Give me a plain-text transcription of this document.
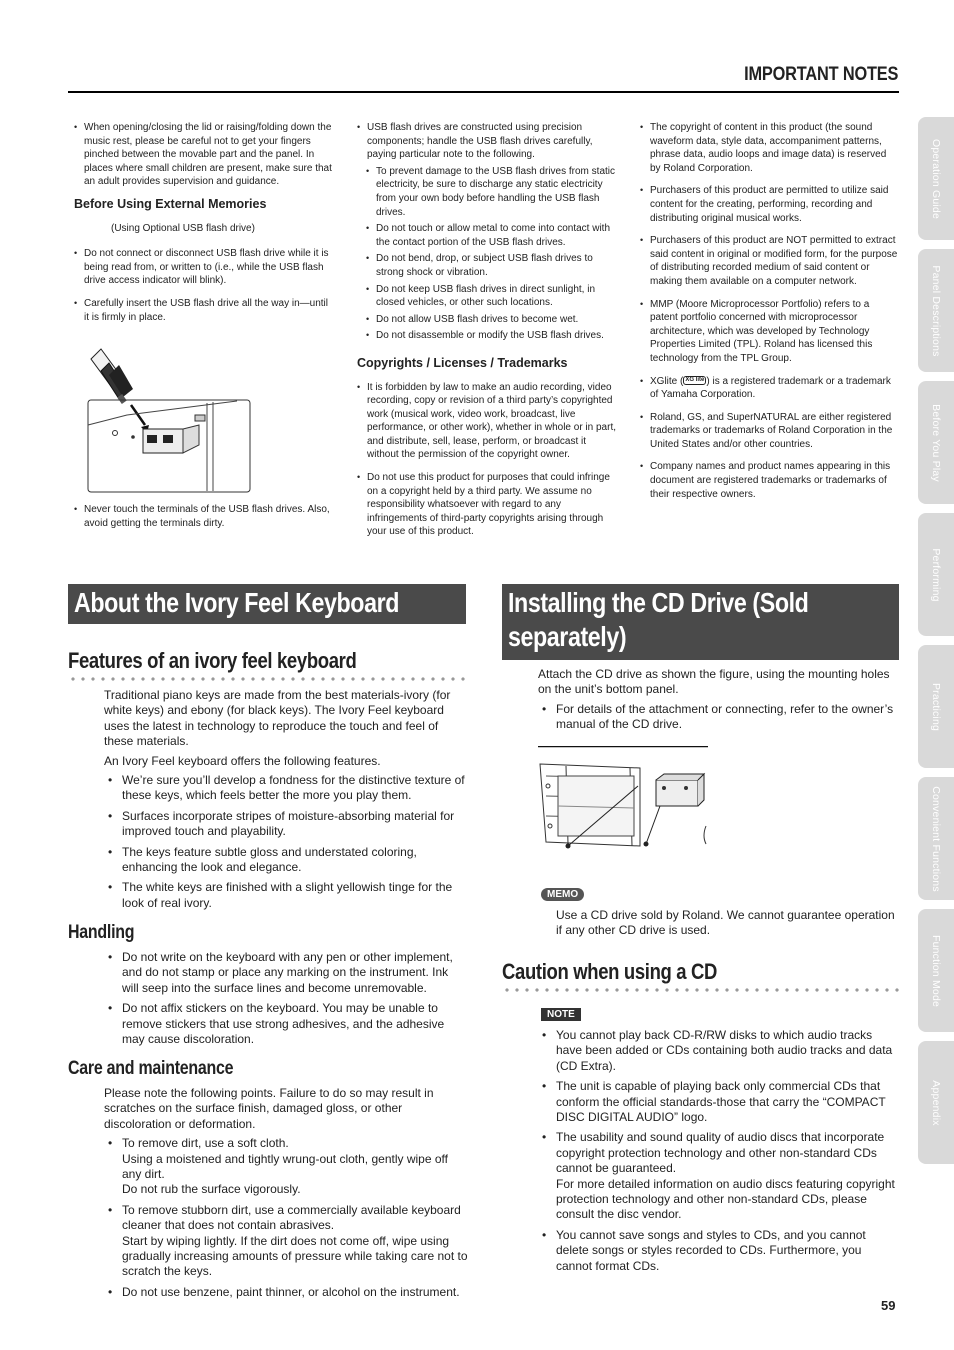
IMPORTANT NOTES
• When opening/closing the lid or raising/folding down the music rest, please be careful not to get your fingers pinched between the movable part and the panel. In places where small children are present, make sure that an adult provides supervision and guidance.
Before Using External Memories
(Using Optional USB flash drive)
• Do not connect or disconnect USB flash drive while it is being read from, or written to (i.e., while the USB flash drive access indicator will blink).
• Carefully insert the USB flash drive all the way in—until it is firmly in place.
• Never touch the terminals of the USB flash drives. Also, avoid getting the terminals dirty.
• USB flash drives are constructed using precision components; handle the USB flash drives carefully, paying particular note to the following.
• To prevent damage to the USB flash drives from static electricity, be sure to discharge any static electricity from your own body before handling the USB flash drives.
• Do not touch or allow metal to come into contact with the contact portion of the USB flash drives.
• Do not bend, drop, or subject USB flash drives to strong shock or vibration.
• Do not keep USB flash drives in direct sunlight, in closed vehicles, or other such locations.
• Do not allow USB flash drives to become wet.
• Do not disassemble or modify the USB flash drives.
Copyrights / Licenses / Trademarks
• It is forbidden by law to make an audio recording, video recording, copy or revision of a third party’s copyrighted work (musical work, video work, broadcast, live performance, or other work), whether in whole or in part, and distribute, sell, lease, perform, or broadcast it without the permission of the copyright owner.
• Do not use this product for purposes that could infringe on a copyright held by a third party. We assume no responsibility whatsoever with regard to any infringements of third-party copyrights arising through your use of this product.
• The copyright of content in this product (the sound waveform data, style data, accompaniment patterns, phrase data, audio loops and image data) is reserved by Roland Corporation.
• Purchasers of this product are permitted to utilize said content for the creating, performing, recording and distributing original musical works.
• Purchasers of this product are NOT permitted to extract said content in original or modified form, for the purpose of distributing recorded medium of said content or making them available on a computer network.
• MMP (Moore Microprocessor Portfolio) refers to a patent portfolio concerned with microprocessor architecture, which was developed by Technology Properties Limited (TPL). Roland has licensed this technology from the TPL Group.
• XGlite ( XG lite ) is a registered trademark or a trademark of Yamaha Corporation.
• Roland, GS, and SuperNATURAL are either registered trademarks or trademarks of Roland Corporation in the United States and/or other countries.
• Company names and product names appearing in this document are registered trademarks or trademarks of their respective owners.
About the Ivory Feel Keyboard
Features of an ivory feel keyboard

Traditional piano keys are made from the best materials-ivory (for white keys) and ebony (for black keys). The Ivory Feel keyboard uses the latest in technology to reproduce the touch and feel of these materials.

An Ivory Feel keyboard offers the following features.

• We’re sure you’ll develop a fondness for the distinctive texture of these keys, which feels better the more you play them.
• Surfaces incorporate stripes of moisture-absorbing material for improved touch and playability.
• The keys feature subtle gloss and understated coloring, enhancing the look and elegance.
• The white keys are finished with a slight yellowish tinge for the look of real ivory.
Handling
• Do not write on the keyboard with any pen or other implement, and do not stamp or place any marking on the instrument. Ink will seep into the surface lines and become unremovable.
• Do not affix stickers on the keyboard. You may be unable to remove stickers that use strong adhesives, and the adhesive may cause discoloration.
Care and maintenance

Please note the following points. Failure to do so may result in scratches on the surface finish, damaged gloss, or other discoloration or deformation.

• To remove dirt, use a soft cloth.
Using a moistened and tightly wrung-out cloth, gently wipe off any dirt.
Do not rub the surface vigorously.
• To remove stubborn dirt, use a commercially available keyboard cleaner that does not contain abrasives.
Start by wiping lightly. If the dirt does not come off, wipe using gradually increasing amounts of pressure while taking care not to scratch the keys.
• Do not use benzene, paint thinner, or alcohol on the instrument.
Installing the CD Drive (Sold
separately)

Attach the CD drive as shown the figure, using the mounting holes on the unit’s bottom panel.

• For details of the attachment or connecting, refer to the owner’s manual of the CD drive.
MEMO

Use a CD drive sold by Roland. We cannot guarantee operation if any other CD drive is used.

Caution when using a CD
NOTE
• You cannot play back CD-R/RW disks to which audio tracks have been added or CDs containing both audio tracks and data (CD Extra).
• The unit is capable of playing back only commercial CDs that conform the official standards-those that carry the “COMPACT DISC DIGITAL AUDIO” logo.
• The usability and sound quality of audio discs that incorporate copyright protection technology and other non-standard CDs cannot be guaranteed.
For more detailed information on audio discs featuring copyright protection technology and other non-standard CDs, please consult the disc vendor.
• You cannot save songs and styles to CDs, and you cannot delete songs or styles recorded to CDs. Furthermore, you cannot format CDs.
Operation Guide
Panel Descriptions
Before You Play
Performing
Practicing
Convenient Functions
Function Mode
Appendix
59
